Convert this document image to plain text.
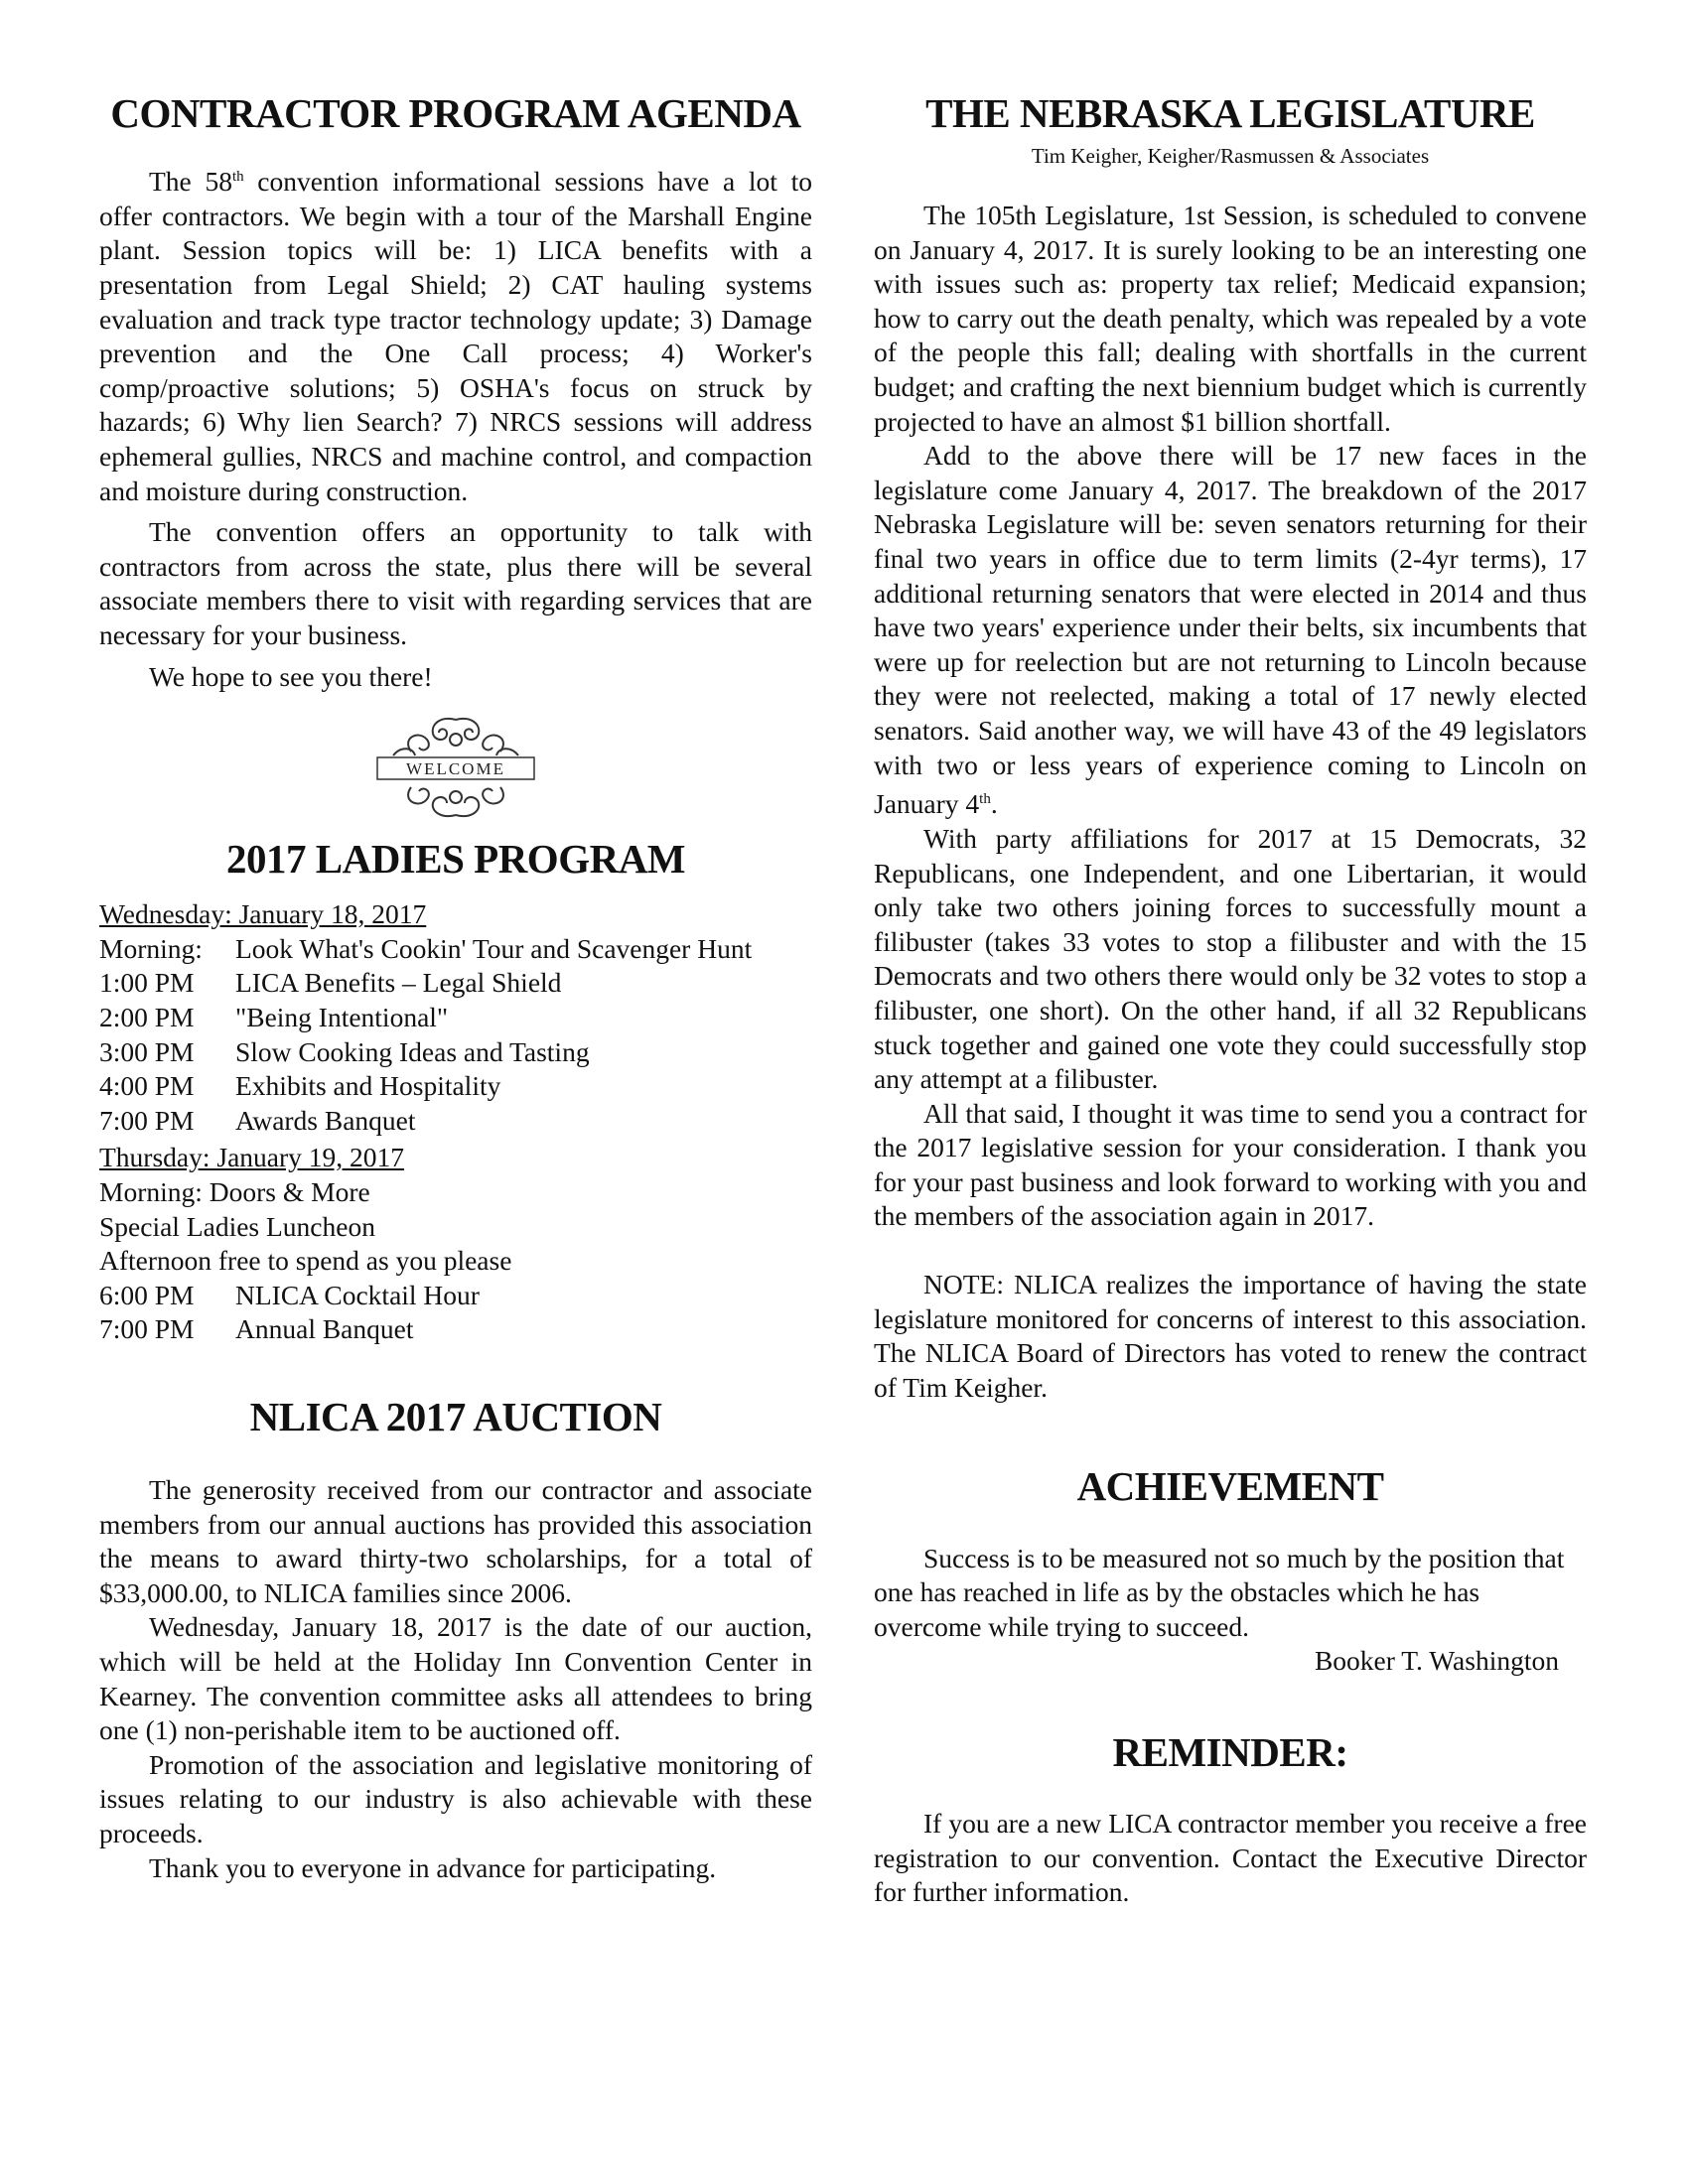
CONTRACTOR PROGRAM AGENDA

The 58th convention informational sessions have a lot to offer contractors. We begin with a tour of the Marshall Engine plant. Session topics will be: 1) LICA benefits with a presentation from Legal Shield; 2) CAT hauling systems evaluation and track type tractor technology update; 3) Damage prevention and the One Call process; 4) Worker's comp/proactive solutions; 5) OSHA's focus on struck by hazards; 6) Why lien Search? 7) NRCS sessions will address ephemeral gullies, NRCS and machine control, and compaction and moisture during construction.

The convention offers an opportunity to talk with contractors from across the state, plus there will be several associate members there to visit with regarding services that are necessary for your business.

We hope to see you there!

WELCOME
2017 LADIES PROGRAM
Wednesday: January 18, 2017
Morning: Look What's Cookin' Tour and Scavenger Hunt
1:00 PM LICA Benefits – Legal Shield
2:00 PM "Being Intentional"
3:00 PM Slow Cooking Ideas and Tasting
4:00 PM Exhibits and Hospitality
7:00 PM Awards Banquet
Thursday: January 19, 2017
Morning: Doors & More
Special Ladies Luncheon
Afternoon free to spend as you please
6:00 PM NLICA Cocktail Hour
7:00 PM Annual Banquet
NLICA 2017 AUCTION

The generosity received from our contractor and associate members from our annual auctions has provided this association the means to award thirty-two scholarships, for a total of $33,000.00, to NLICA families since 2006.

Wednesday, January 18, 2017 is the date of our auction, which will be held at the Holiday Inn Convention Center in Kearney. The convention committee asks all attendees to bring one (1) non-perishable item to be auctioned off.

Promotion of the association and legislative monitoring of issues relating to our industry is also achievable with these proceeds.

Thank you to everyone in advance for participating.

THE NEBRASKA LEGISLATURE
Tim Keigher, Keigher/Rasmussen & Associates

The 105th Legislature, 1st Session, is scheduled to convene on January 4, 2017. It is surely looking to be an interesting one with issues such as: property tax relief; Medicaid expansion; how to carry out the death penalty, which was repealed by a vote of the people this fall; dealing with shortfalls in the current budget; and crafting the next biennium budget which is currently projected to have an almost $1 billion shortfall.

Add to the above there will be 17 new faces in the legislature come January 4, 2017. The breakdown of the 2017 Nebraska Legislature will be: seven senators returning for their final two years in office due to term limits (2-4yr terms), 17 additional returning senators that were elected in 2014 and thus have two years' experience under their belts, six incumbents that were up for reelection but are not returning to Lincoln because they were not reelected, making a total of 17 newly elected senators. Said another way, we will have 43 of the 49 legislators with two or less years of experience coming to Lincoln on January 4th.

With party affiliations for 2017 at 15 Democrats, 32 Republicans, one Independent, and one Libertarian, it would only take two others joining forces to successfully mount a filibuster (takes 33 votes to stop a filibuster and with the 15 Democrats and two others there would only be 32 votes to stop a filibuster, one short). On the other hand, if all 32 Republicans stuck together and gained one vote they could successfully stop any attempt at a filibuster.

All that said, I thought it was time to send you a contract for the 2017 legislative session for your consideration. I thank you for your past business and look forward to working with you and the members of the association again in 2017.

NOTE: NLICA realizes the importance of having the state legislature monitored for concerns of interest to this association. The NLICA Board of Directors has voted to renew the contract of Tim Keigher.

ACHIEVEMENT

Success is to be measured not so much by the position that one has reached in life as by the obstacles which he has overcome while trying to succeed.

Booker T. Washington
REMINDER:

If you are a new LICA contractor member you receive a free registration to our convention. Contact the Executive Director for further information.
